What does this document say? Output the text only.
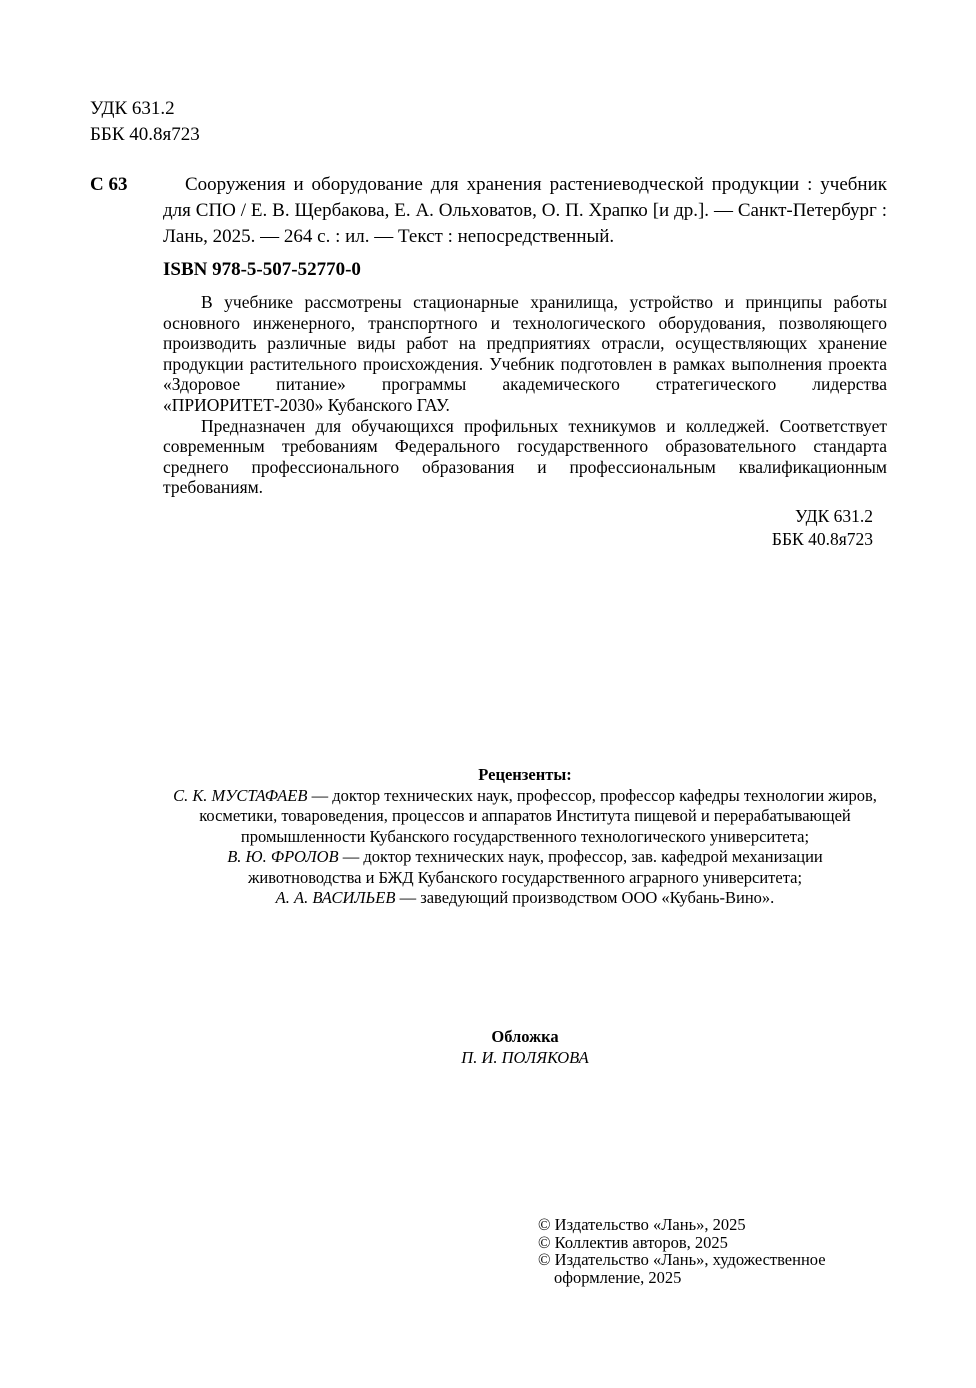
УДК 631.2
ББК 40.8я723
С 63	Сооружения и оборудование для хранения растениеводческой продукции : учебник для СПО / Е. В. Щербакова, Е. А. Ольховатов, О. П. Храпко [и др.]. — Санкт-Петербург : Лань, 2025. — 264 с. : ил. — Текст : непосредственный.

ISBN 978-5-507-52770-0

В учебнике рассмотрены стационарные хранилища, устройство и принципы работы основного инженерного, транспортного и технологического оборудования, позволяющего производить различные виды работ на предприятиях отрасли, осуществляющих хранение продукции растительного происхождения. Учебник подготовлен в рамках выполнения проекта «Здоровое питание» программы академического стратегического лидерства «ПРИОРИТЕТ-2030» Кубанского ГАУ.

Предназначен для обучающихся профильных техникумов и колледжей. Соответствует современным требованиям Федерального государственного образовательного стандарта среднего профессионального образования и профессиональным квалификационным требованиям.

УДК 631.2
ББК 40.8я723
Рецензенты:
С. К. МУСТАФАЕВ — доктор технических наук, профессор, профессор кафедры технологии жиров,
косметики, товароведения, процессов и аппаратов Института пищевой и перерабатывающей
промышленности Кубанского государственного технологического университета;
В. Ю. ФРОЛОВ — доктор технических наук, профессор, зав. кафедрой механизации
животноводства и БЖД Кубанского государственного аграрного университета;
А. А. ВАСИЛЬЕВ — заведующий производством ООО «Кубань-Вино».
Обложка
П. И. ПОЛЯКОВА
© Издательство «Лань», 2025
© Коллектив авторов, 2025
© Издательство «Лань», художественное
оформление, 2025
